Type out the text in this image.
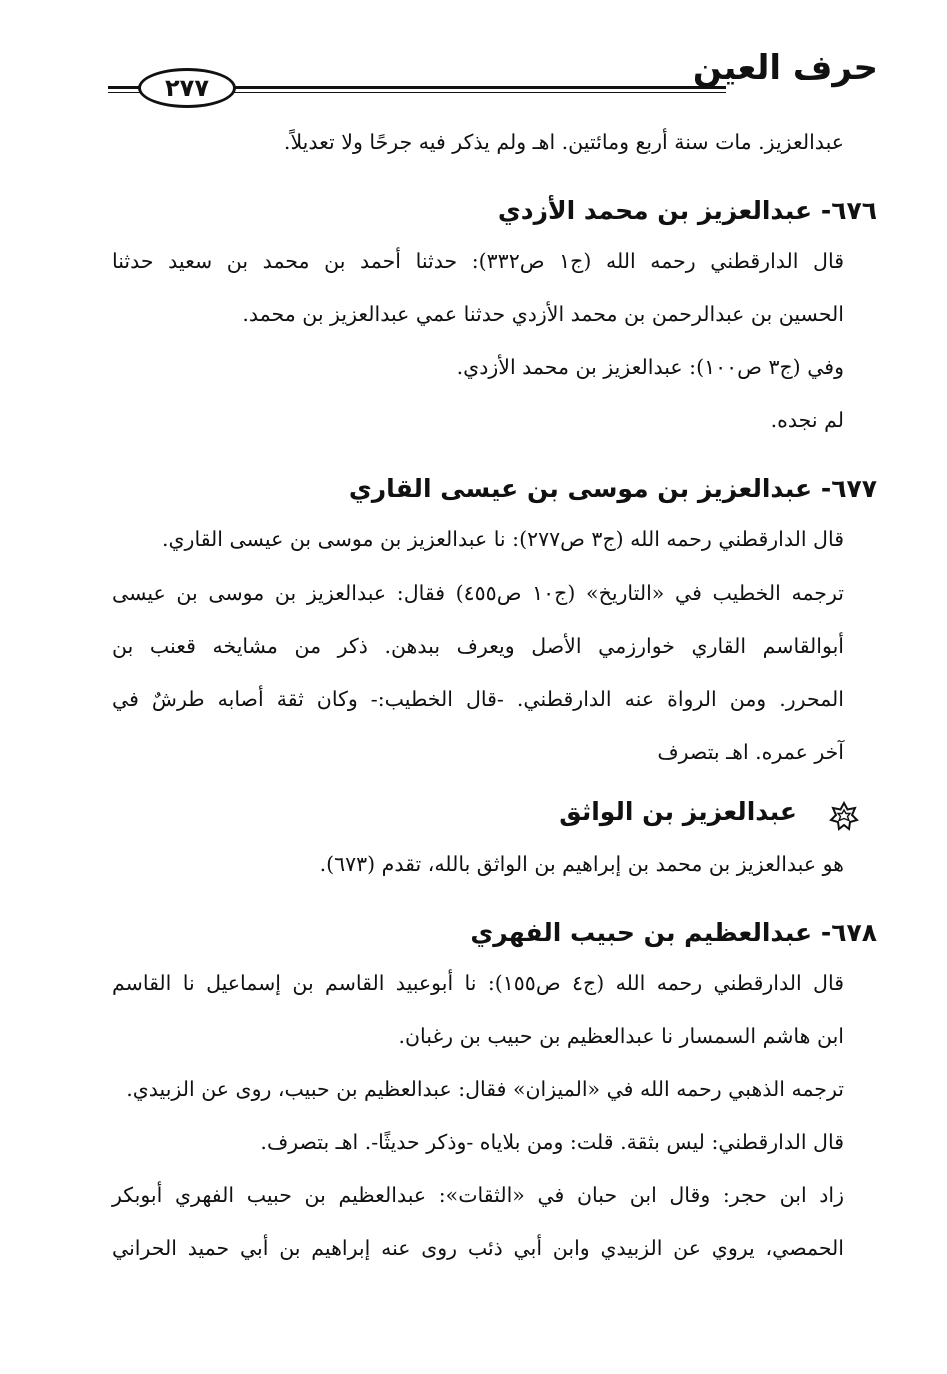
حرف العين
٢٧٧
عبدالعزيز. مات سنة أربع ومائتين. اهـ ولم يذكر فيه جرحًا ولا تعديلاً.
٦٧٦- عبدالعزيز بن محمد الأزدي
قال الدارقطني رحمه الله (ج١ ص٣٣٢): حدثنا أحمد بن محمد بن سعيد حدثنا
الحسين بن عبدالرحمن بن محمد الأزدي حدثنا عمي عبدالعزيز بن محمد.
وفي (ج٣ ص١٠٠): عبدالعزيز بن محمد الأزدي.
لم نجده.
٦٧٧- عبدالعزيز بن موسى بن عيسى القاري
قال الدارقطني رحمه الله (ج٣ ص٢٧٧): نا عبدالعزيز بن موسى بن عيسى القاري.
ترجمه الخطيب في «التاريخ» (ج١٠ ص٤٥٥) فقال: عبدالعزيز بن موسى بن عيسى
أبوالقاسم القاري خوارزمي الأصل ويعرف ببدهن. ذكر من مشايخه قعنب بن
المحرر. ومن الرواة عنه الدارقطني. -قال الخطيب:- وكان ثقة أصابه طرشٌ في
آخر عمره. اهـ بتصرف
عبدالعزيز بن الواثق
هو عبدالعزيز بن محمد بن إبراهيم بن الواثق بالله، تقدم (٦٧٣).
٦٧٨- عبدالعظيم بن حبيب الفهري
قال الدارقطني رحمه الله (ج٤ ص١٥٥): نا أبوعبيد القاسم بن إسماعيل نا القاسم
ابن هاشم السمسار نا عبدالعظيم بن حبيب بن رغبان.
ترجمه الذهبي رحمه الله في «الميزان» فقال: عبدالعظيم بن حبيب، روى عن الزبيدي.
قال الدارقطني: ليس بثقة. قلت: ومن بلاياه -وذكر حديثًا-. اهـ بتصرف.
زاد ابن حجر: وقال ابن حبان في «الثقات»: عبدالعظيم بن حبيب الفهري أبوبكر
الحمصي، يروي عن الزبيدي وابن أبي ذئب روى عنه إبراهيم بن أبي حميد الحراني
